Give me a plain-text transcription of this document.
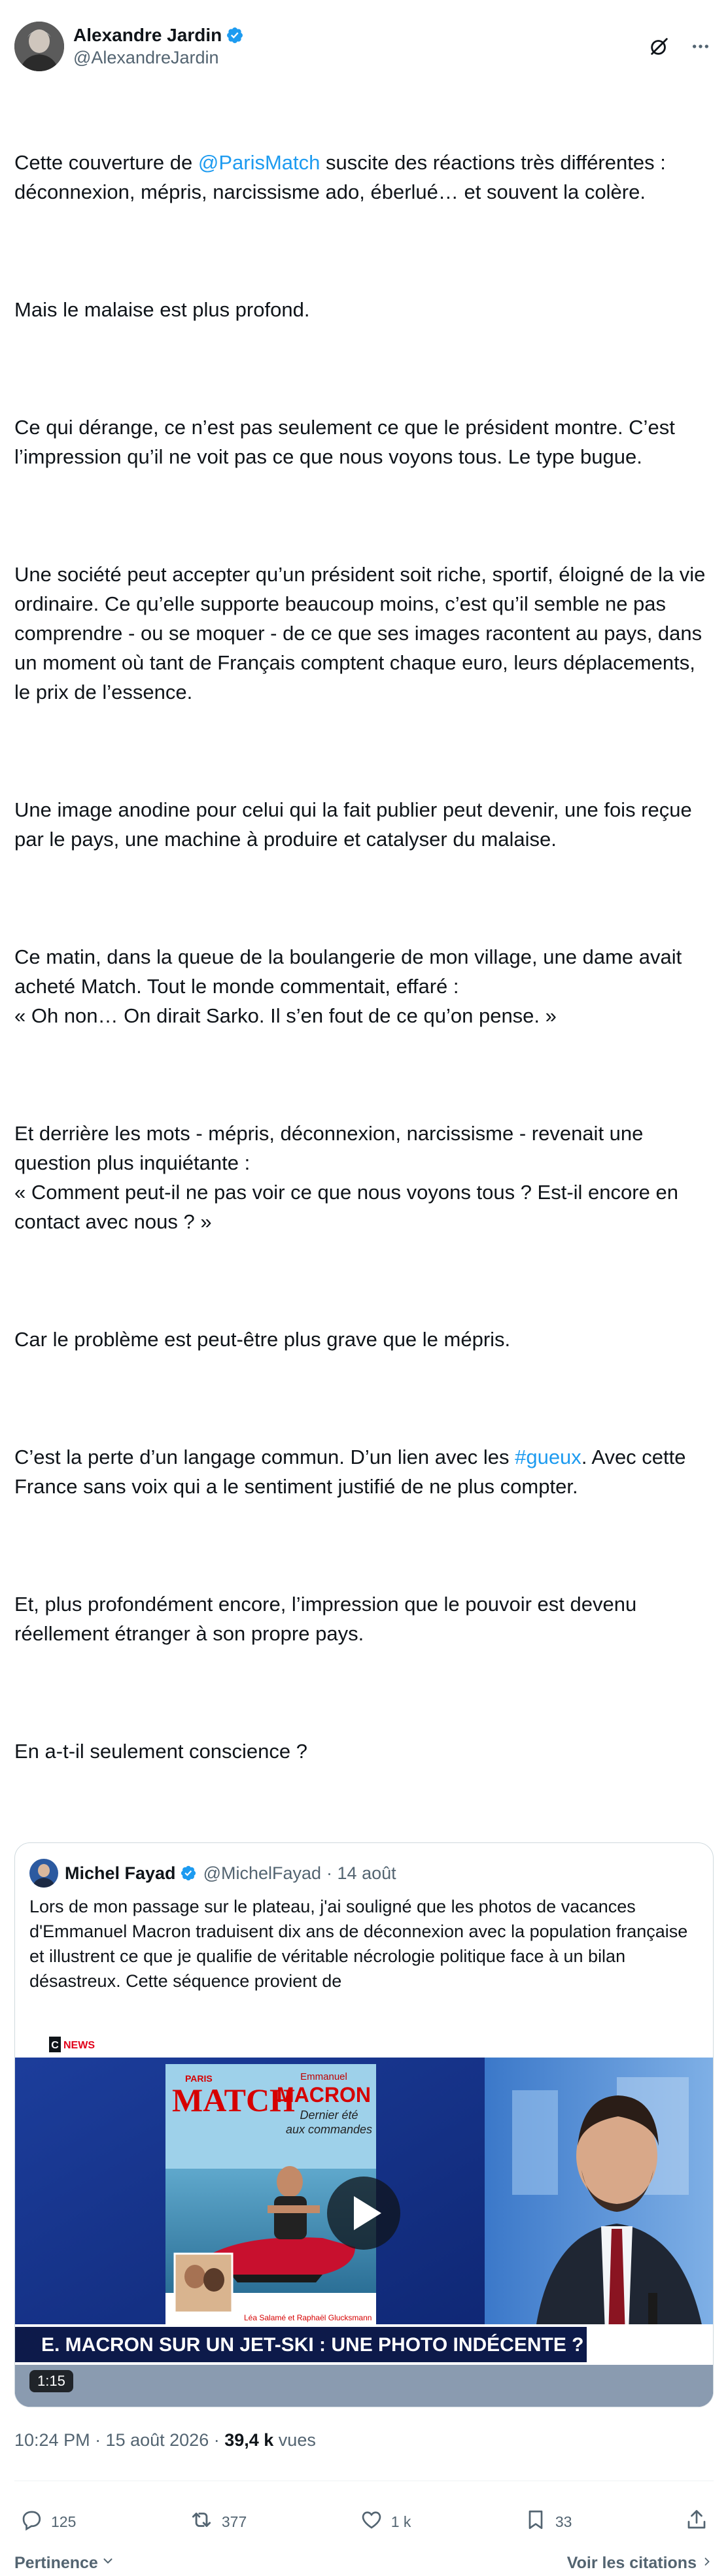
Alexandre Jardin
@AlexandreJardin

Cette couverture de @ParisMatch suscite des réactions très différentes : déconnexion, mépris, narcissisme ado, éberlué… et souvent la colère.

Mais le malaise est plus profond.

Ce qui dérange, ce n’est pas seulement ce que le président montre. C’est l’impression qu’il ne voit pas ce que nous voyons tous. Le type bugue.

Une société peut accepter qu’un président soit riche, sportif, éloigné de la vie ordinaire. Ce qu’elle supporte beaucoup moins, c’est qu’il semble ne pas comprendre - ou se moquer - de ce que ses images racontent au pays, dans un moment où tant de Français comptent chaque euro, leurs déplacements, le prix de l’essence.

Une image anodine pour celui qui la fait publier peut devenir, une fois reçue par le pays, une machine à produire et catalyser du malaise.

Ce matin, dans la queue de la boulangerie de mon village, une dame avait acheté Match. Tout le monde commentait, effaré :
« Oh non… On dirait Sarko. Il s’en fout de ce qu’on pense. »

Et derrière les mots - mépris, déconnexion, narcissisme - revenait une question plus inquiétante :
« Comment peut-il ne pas voir ce que nous voyons tous ? Est-il encore en contact avec nous ? »

Car le problème est peut-être plus grave que le mépris.

C’est la perte d’un langage commun. D’un lien avec les #gueux. Avec cette France sans voix qui a le sentiment justifié de ne plus compter.

Et, plus profondément encore, l’impression que le pouvoir est devenu réellement étranger à son propre pays.

En a-t-il seulement conscience ?

Michel Fayad @MichelFayad · 14 août
Lors de mon passage sur le plateau, j'ai souligné que les photos de vacances d'Emmanuel Macron traduisent dix ans de déconnexion avec la population française et illustrent ce que je qualifie de véritable nécrologie politique face à un bilan désastreux. Cette séquence provient de
C NEWS
PARIS
MATCH
Emmanuel
MACRON
Dernier été
aux commandes
Léa Salamé et Raphaël Glucksmann
E. MACRON SUR UN JET-SKI : UNE PHOTO INDÉCENTE ?
1:15
10:24 PM · 15 août 2026 · 39,4 k vues
125	377	1 k	33
Pertinence	Voir les citations
